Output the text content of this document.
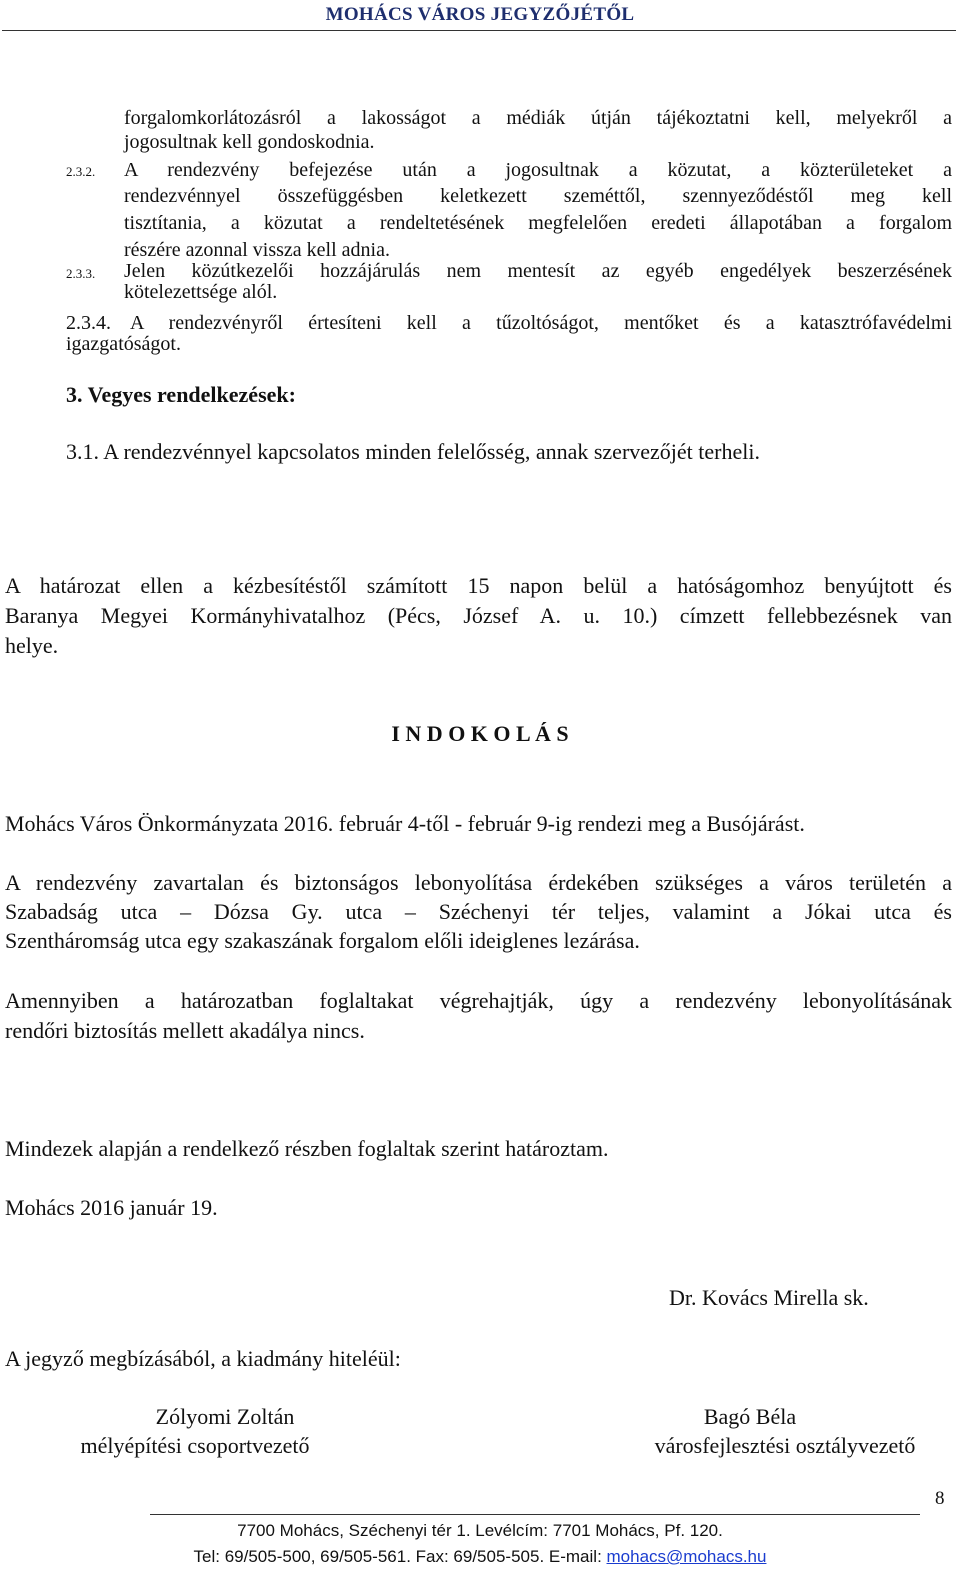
MOHÁCS VÁROS JEGYZŐJÉTŐL
forgalomkorlátozásról a lakosságot a médiák útján tájékoztatni kell, melyekről a
jogosultnak kell gondoskodnia.
2.3.2. A rendezvény befejezése után a jogosultnak a közutat, a közterületeket a
rendezvénnyel összefüggésben keletkezett szeméttől, szennyeződéstől meg kell
tisztítania, a közutat a rendeltetésének megfelelően eredeti állapotában a forgalom
részére azonnal vissza kell adnia.
2.3.3. Jelen közútkezelői hozzájárulás nem mentesít az egyéb engedélyek beszerzésének
kötelezettsége alól.
2.3.4. A rendezvényről értesíteni kell a tűzoltóságot, mentőket és a katasztrófavédelmi
igazgatóságot.
3. Vegyes rendelkezések:
3.1. A rendezvénnyel kapcsolatos minden felelősség, annak szervezőjét terheli.
A határozat ellen a kézbesítéstől számított 15 napon belül a hatóságomhoz benyújtott és
Baranya Megyei Kormányhivatalhoz (Pécs, József A. u. 10.) címzett fellebbezésnek van
helye.
I N D O K O L Á S
Mohács Város Önkormányzata 2016. február 4-től - február 9-ig rendezi meg a Busójárást.
A rendezvény zavartalan és biztonságos lebonyolítása érdekében szükséges a város területén a
Szabadság utca – Dózsa Gy. utca – Széchenyi tér teljes, valamint a Jókai utca és
Szentháromság utca egy szakaszának forgalom előli ideiglenes lezárása.
Amennyiben a határozatban foglaltakat végrehajtják, úgy a rendezvény lebonyolításának
rendőri biztosítás mellett akadálya nincs.
Mindezek alapján a rendelkező részben foglaltak szerint határoztam.
Mohács 2016 január 19.
Dr. Kovács Mirella sk.
A jegyző megbízásából, a kiadmány hiteléül:
Zólyomi Zoltán
mélyépítési csoportvezető
Bagó Béla
városfejlesztési osztályvezető
8
7700 Mohács, Széchenyi tér 1. Levélcím: 7701 Mohács, Pf. 120.
Tel: 69/505-500, 69/505-561. Fax: 69/505-505. E-mail: mohacs@mohacs.hu
